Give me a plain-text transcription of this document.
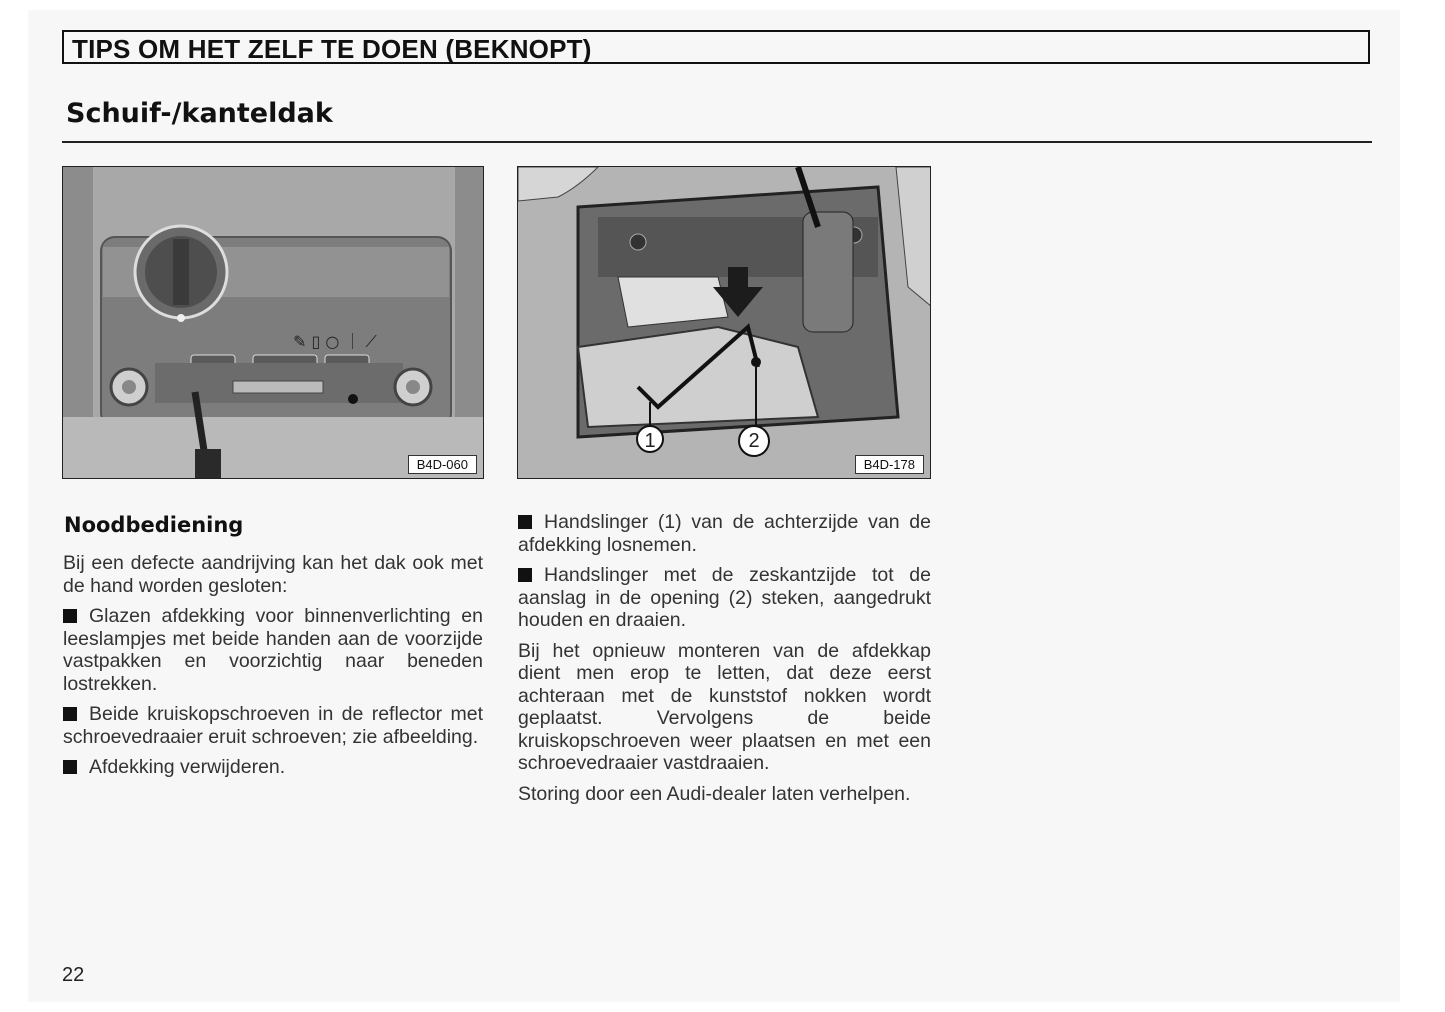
TIPS OM HET ZELF TE DOEN (BEKNOPT)
Schuif-/kanteldak
✎ ▯ ○ ｜ ⟋
B4D-060
1	2
B4D-178
Noodbediening

Bij een defecte aandrijving kan het dak ook met de hand worden gesloten:

Glazen afdekking voor binnenverlichting en leeslampjes met beide handen aan de voorzijde vastpakken en voorzichtig naar beneden lostrekken.

Beide kruiskopschroeven in de reflector met schroevedraaier eruit schroeven; zie afbeelding.

Afdekking verwijderen.

Handslinger (1) van de achterzijde van de afdekking losnemen.

Handslinger met de zeskantzijde tot de aanslag in de opening (2) steken, aangedrukt houden en draaien.

Bij het opnieuw monteren van de afdekkap dient men erop te letten, dat deze eerst achteraan met de kunststof nokken wordt geplaatst. Vervolgens de beide kruiskopschroeven weer plaatsen en met een schroevedraaier vastdraaien.

Storing door een Audi-dealer laten verhelpen.

22
